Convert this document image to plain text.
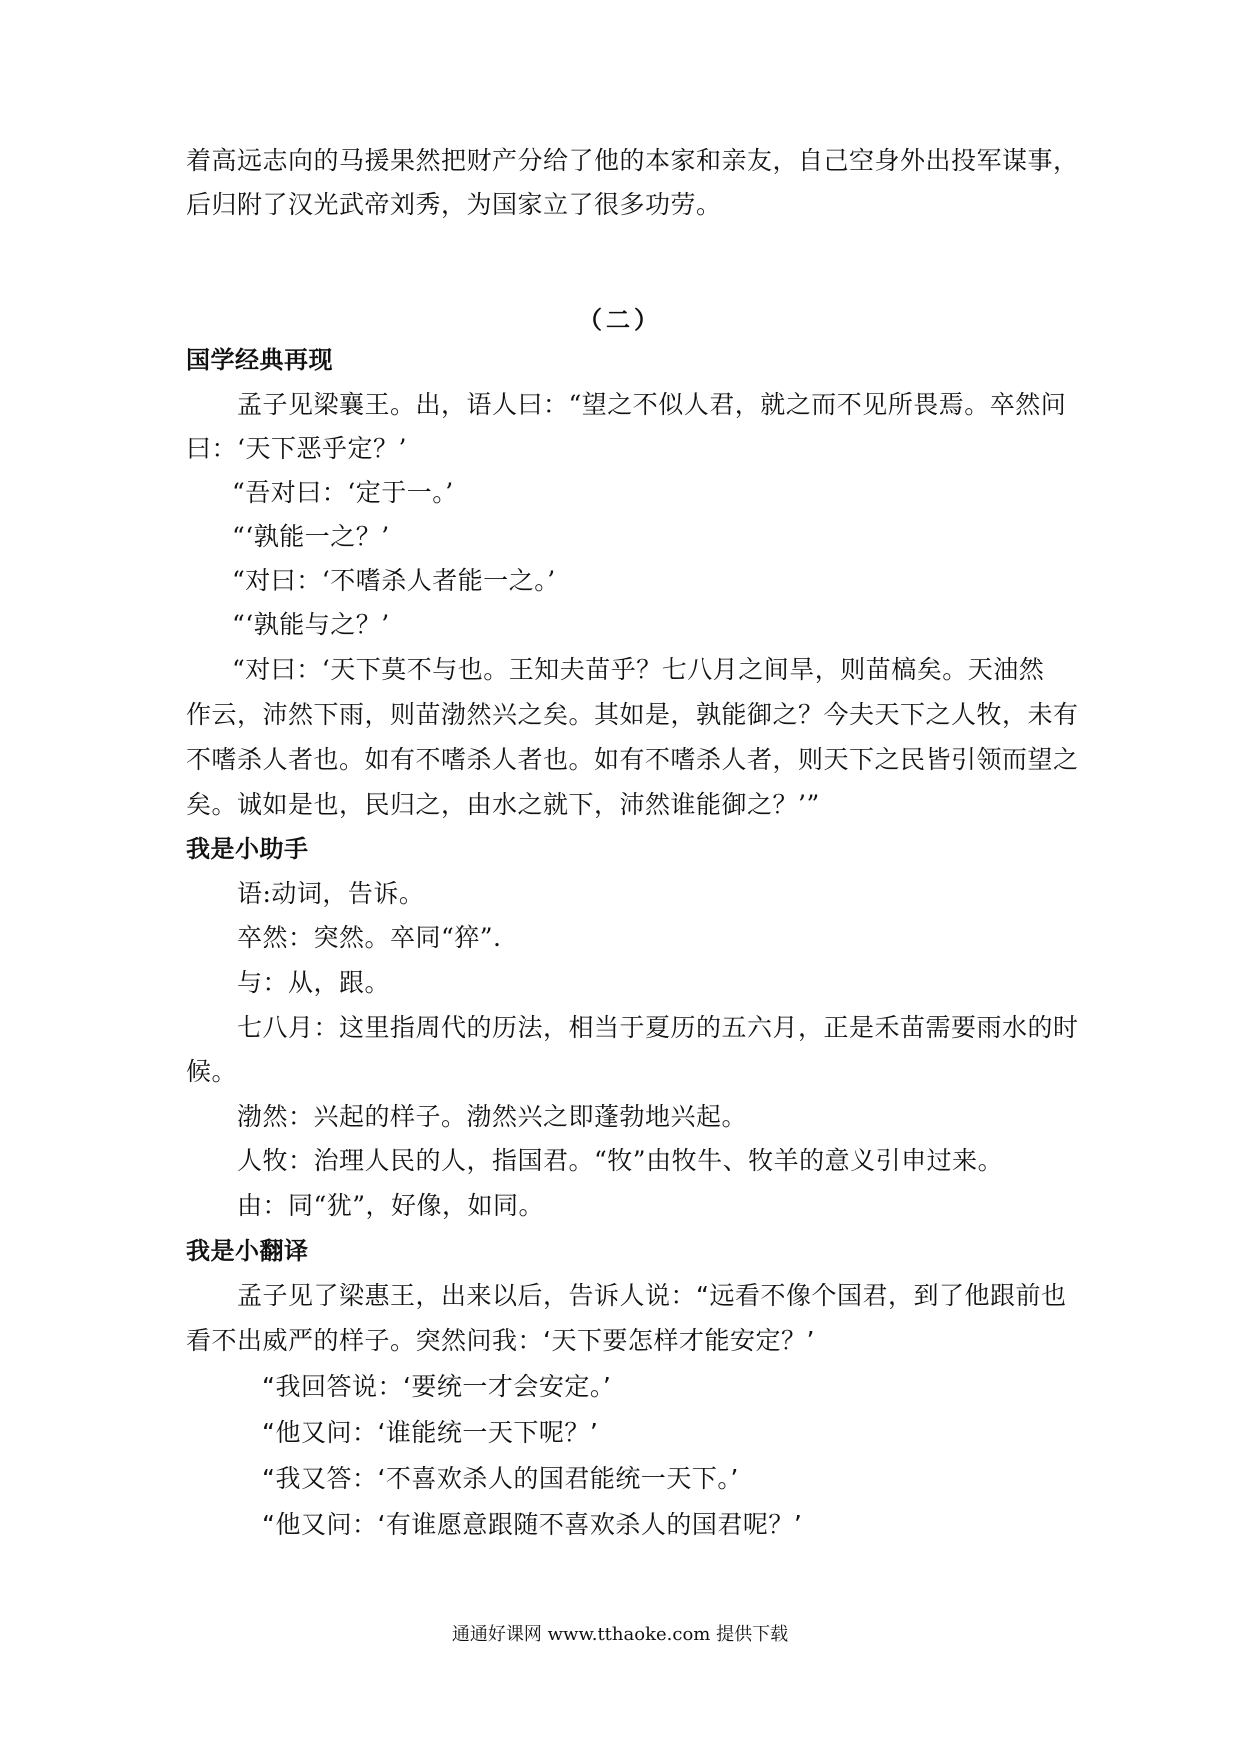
着高远志向的马援果然把财产分给了他的本家和亲友，自己空身外出投军谋事，
后归附了汉光武帝刘秀，为国家立了很多功劳。
（二）
国学经典再现
孟子见梁襄王。出，语人曰：“望之不似人君，就之而不见所畏焉。卒然问
曰：‘天下恶乎定？’
“吾对曰：‘定于一。’
“‘孰能一之？’
“对曰：‘不嗜杀人者能一之。’
“‘孰能与之？’
“对曰：‘天下莫不与也。王知夫苗乎？七八月之间旱，则苗槁矣。天油然
作云，沛然下雨，则苗渤然兴之矣。其如是，孰能御之？今夫天下之人牧，未有
不嗜杀人者也。如有不嗜杀人者也。如有不嗜杀人者，则天下之民皆引领而望之
矣。诚如是也，民归之，由水之就下，沛然谁能御之？’”
我是小助手
语:动词，告诉。
卒然：突然。卒同“猝”.
与：从，跟。
七八月：这里指周代的历法，相当于夏历的五六月，正是禾苗需要雨水的时
候。
渤然：兴起的样子。渤然兴之即蓬勃地兴起。
人牧：治理人民的人，指国君。“牧”由牧牛、牧羊的意义引申过来。
由：同“犹”，好像，如同。
我是小翻译
孟子见了梁惠王，出来以后，告诉人说：“远看不像个国君，到了他跟前也
看不出威严的样子。突然问我：‘天下要怎样才能安定？’
“我回答说：‘要统一才会安定。’
“他又问：‘谁能统一天下呢？’
“我又答：‘不喜欢杀人的国君能统一天下。’
“他又问：‘有谁愿意跟随不喜欢杀人的国君呢？’
通通好课网 www.tthaoke.com 提供下载
